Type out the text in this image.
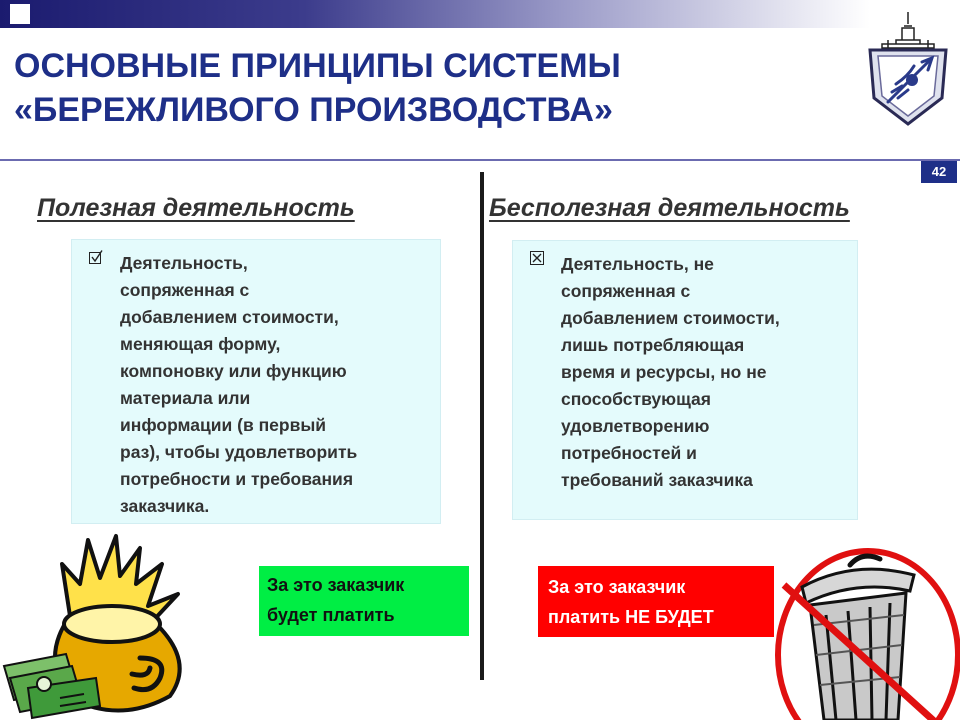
ОСНОВНЫЕ ПРИНЦИПЫ СИСТЕМЫ
«БЕРЕЖЛИВОГО ПРОИЗВОДСТВА»
42
Полезная деятельность	Бесполезная деятельность
Деятельность,
сопряженная с
добавлением стоимости,
меняющая форму,
компоновку или функцию
материала или
информации (в первый
раз), чтобы удовлетворить
потребности и требования
заказчика.
Деятельность, не
сопряженная с
добавлением стоимости,
лишь потребляющая
время и ресурсы, но не
способствующая
удовлетворению
потребностей и
требований заказчика
За это заказчик
будет платить
За это заказчик
платить НЕ БУДЕТ
